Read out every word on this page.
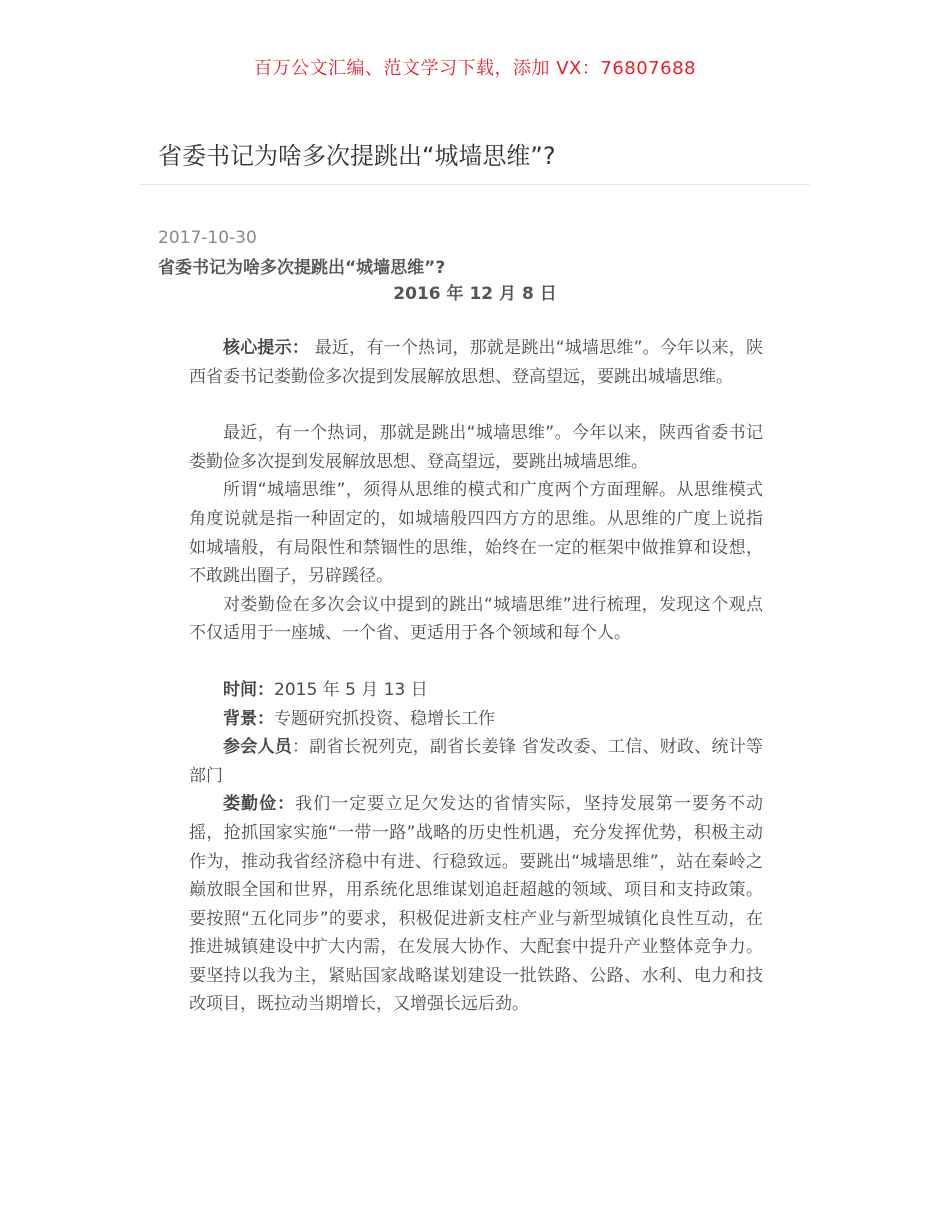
百万公文汇编、范文学习下载，添加 VX：76807688
省委书记为啥多次提跳出“城墙思维”?
2017-10-30
省委书记为啥多次提跳出“城墙思维”?
2016 年 12 月 8 日

核心提示： 最近，有一个热词，那就是跳出“城墙思维”。今年以来，陕西省委书记娄勤俭多次提到发展解放思想、登高望远，要跳出城墙思维。

最近，有一个热词，那就是跳出“城墙思维”。今年以来，陕西省委书记娄勤俭多次提到发展解放思想、登高望远，要跳出城墙思维。

所谓“城墙思维”，须得从思维的模式和广度两个方面理解。从思维模式角度说就是指一种固定的，如城墙般四四方方的思维。从思维的广度上说指如城墙般，有局限性和禁锢性的思维，始终在一定的框架中做推算和设想，不敢跳出圈子，另辟蹊径。

对娄勤俭在多次会议中提到的跳出“城墙思维”进行梳理，发现这个观点不仅适用于一座城、一个省、更适用于各个领域和每个人。

时间：2015 年 5 月 13 日

背景：专题研究抓投资、稳增长工作

参会人员：副省长祝列克，副省长姜锋 省发改委、工信、财政、统计等部门

娄勤俭：我们一定要立足欠发达的省情实际，坚持发展第一要务不动摇，抢抓国家实施“一带一路”战略的历史性机遇，充分发挥优势，积极主动作为，推动我省经济稳中有进、行稳致远。要跳出“城墙思维”，站在秦岭之巅放眼全国和世界，用系统化思维谋划追赶超越的领域、项目和支持政策。要按照“五化同步”的要求，积极促进新支柱产业与新型城镇化良性互动，在推进城镇建设中扩大内需，在发展大协作、大配套中提升产业整体竞争力。要坚持以我为主，紧贴国家战略谋划建设一批铁路、公路、水利、电力和技改项目，既拉动当期增长，又增强长远后劲。
